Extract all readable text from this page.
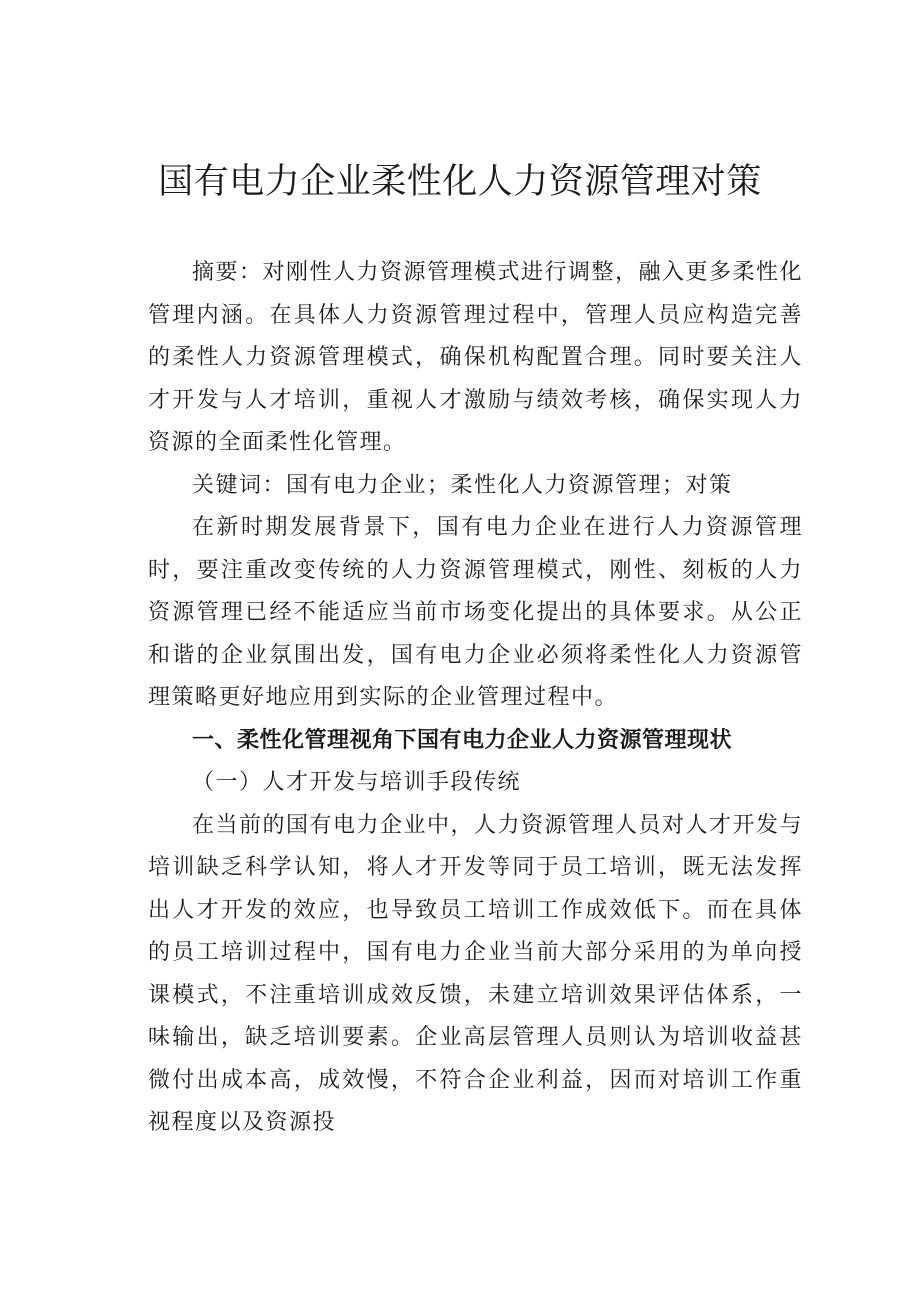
国有电力企业柔性化人力资源管理对策

摘要：对刚性人力资源管理模式进行调整，融入更多柔性化管理内涵。在具体人力资源管理过程中，管理人员应构造完善的柔性人力资源管理模式，确保机构配置合理。同时要关注人才开发与人才培训，重视人才激励与绩效考核，确保实现人力资源的全面柔性化管理。

关键词：国有电力企业；柔性化人力资源管理；对策

在新时期发展背景下，国有电力企业在进行人力资源管理时，要注重改变传统的人力资源管理模式，刚性、刻板的人力资源管理已经不能适应当前市场变化提出的具体要求。从公正和谐的企业氛围出发，国有电力企业必须将柔性化人力资源管理策略更好地应用到实际的企业管理过程中。

一、柔性化管理视角下国有电力企业人力资源管理现状

（一）人才开发与培训手段传统

在当前的国有电力企业中，人力资源管理人员对人才开发与培训缺乏科学认知，将人才开发等同于员工培训，既无法发挥出人才开发的效应，也导致员工培训工作成效低下。而在具体的员工培训过程中，国有电力企业当前大部分采用的为单向授课模式，不注重培训成效反馈，未建立培训效果评估体系，一味输出，缺乏培训要素。企业高层管理人员则认为培训收益甚微付出成本高，成效慢，不符合企业利益，因而对培训工作重视程度以及资源投
